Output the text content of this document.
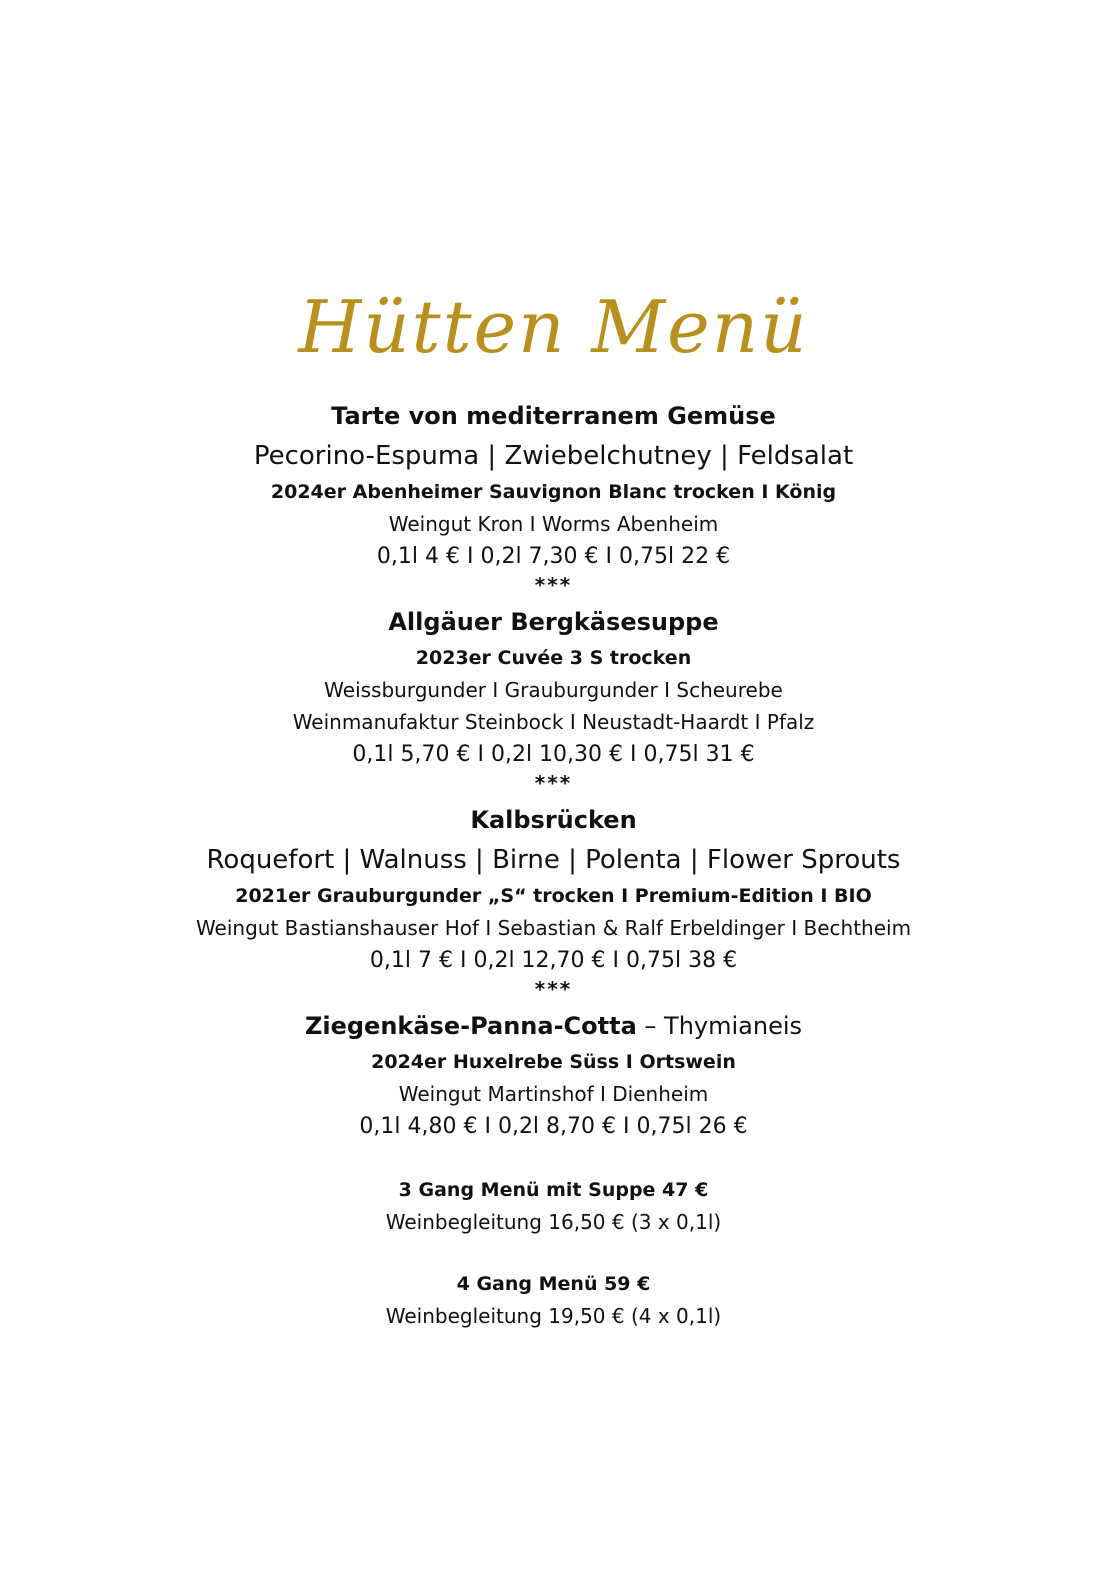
Hütten Menü
Tarte von mediterranem Gemüse
Pecorino-Espuma | Zwiebelchutney | Feldsalat
2024er Abenheimer Sauvignon Blanc trocken I König
Weingut Kron I Worms Abenheim
0,1l 4 € I 0,2l 7,30 € I 0,75l 22 €
***
Allgäuer Bergkäsesuppe
2023er Cuvée 3 S trocken
Weissburgunder I Grauburgunder I Scheurebe
Weinmanufaktur Steinbock I Neustadt-Haardt I Pfalz
0,1l 5,70 € I 0,2l 10,30 € I 0,75l 31 €
***
Kalbsrücken
Roquefort | Walnuss | Birne | Polenta | Flower Sprouts
2021er Grauburgunder „S“ trocken I Premium-Edition I BIO
Weingut Bastianshauser Hof I Sebastian & Ralf Erbeldinger I Bechtheim
0,1l 7 € I 0,2l 12,70 € I 0,75l 38 €
***
Ziegenkäse-Panna-Cotta – Thymianeis
2024er Huxelrebe Süss I Ortswein
Weingut Martinshof I Dienheim
0,1l 4,80 € I 0,2l 8,70 € I 0,75l 26 €
3 Gang Menü mit Suppe 47 €
Weinbegleitung 16,50 € (3 x 0,1l)
4 Gang Menü 59 €
Weinbegleitung 19,50 € (4 x 0,1l)
